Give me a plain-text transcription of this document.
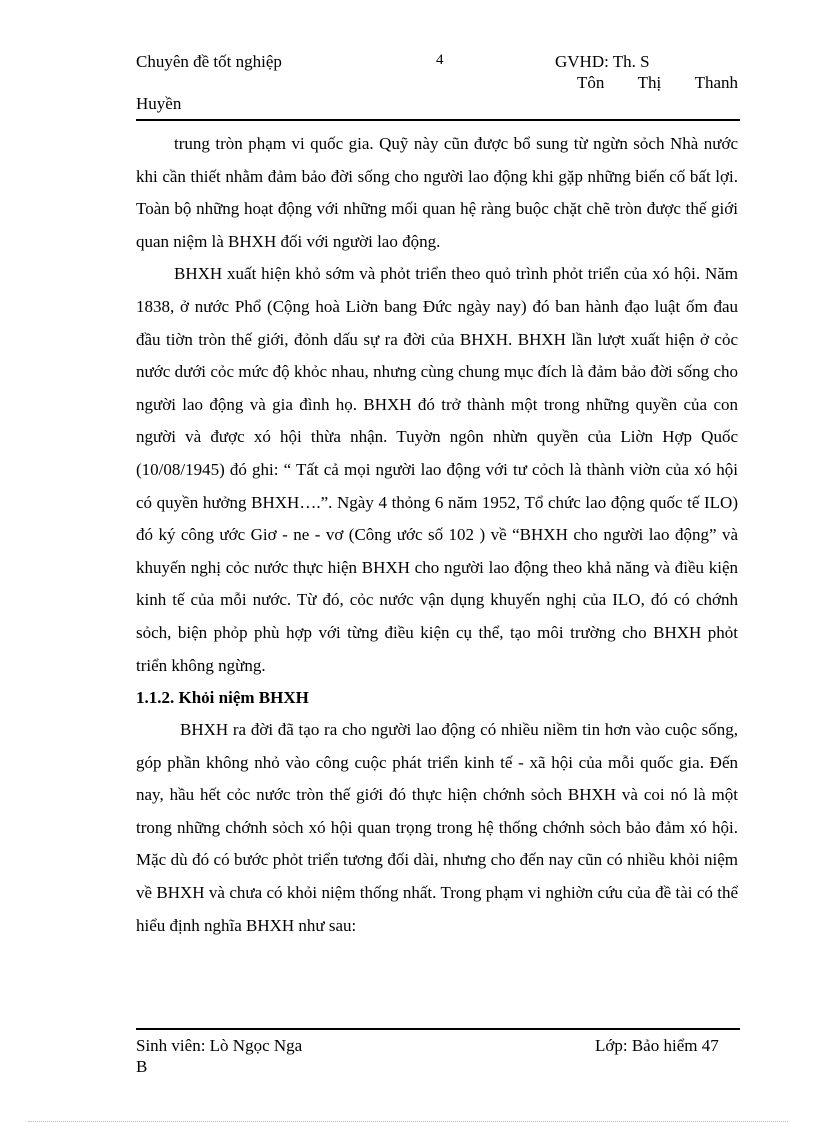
Chuyên đề tốt nghiệp	4	GVHD: Th. S
Tôn Thị Thanh
Huyền

trung tròn phạm vi quốc gia. Quỹ này cũn được bổ sung từ ngừn sỏch Nhà nước khi cần thiết nhằm đảm bảo đời sống cho người lao động khi gặp những biến cố bất lợi. Toàn bộ những hoạt động với những mối quan hệ ràng buộc chặt chẽ tròn được thế giới quan niệm là BHXH đối với người lao động.

BHXH xuất hiện khỏ sớm và phỏt triển theo quỏ trình phỏt triển của xó hội. Năm 1838, ở nước Phổ (Cộng hoà Liờn bang Đức ngày nay) đó ban hành đạo luật ốm đau đầu tiờn tròn thế giới, đỏnh dấu sự ra đời của BHXH. BHXH lần lượt xuất hiện ở cỏc nước dưới cỏc mức độ khỏc nhau, nhưng cùng chung mục đích là đảm bảo đời sống cho người lao động và gia đình họ. BHXH đó trở thành một trong những quyền của con người và được xó hội thừa nhận. Tuyờn ngôn nhừn quyền của Liờn Hợp Quốc (10/08/1945) đó ghi: “ Tất cả mọi người lao động với tư cỏch là thành viờn của xó hội có quyền hưởng BHXH….”. Ngày 4 thỏng 6 năm 1952, Tổ chức lao động quốc tế ILO) đó ký công ước Giơ - ne - vơ (Công ước số 102 ) về “BHXH cho người lao động” và khuyến nghị cỏc nước thực hiện BHXH cho người lao động theo khả năng và điều kiện kinh tế của mỗi nước. Từ đó, cỏc nước vận dụng khuyến nghị của ILO, đó có chớnh sỏch, biện phỏp phù hợp với từng điều kiện cụ thể, tạo môi trường cho BHXH phỏt triển không ngừng.

1.1.2. Khỏi niệm BHXH

BHXH ra đời đã tạo ra cho người lao động có nhiều niềm tin hơn vào cuộc sống, góp phần không nhỏ vào công cuộc phát triển kinh tế - xã hội của mỗi quốc gia. Đến nay, hầu hết cỏc nước tròn thế giới đó thực hiện chớnh sỏch BHXH và coi nó là một trong những chớnh sỏch xó hội quan trọng trong hệ thống chớnh sỏch bảo đảm xó hội. Mặc dù đó có bước phỏt triển tương đối dài, nhưng cho đến nay cũn có nhiều khỏi niệm về BHXH và chưa có khỏi niệm thống nhất. Trong phạm vi nghiờn cứu của đề tài có thể hiểu định nghĩa BHXH như sau:

Sinh viên: Lò Ngọc Nga	Lớp: Bảo hiểm 47
B
